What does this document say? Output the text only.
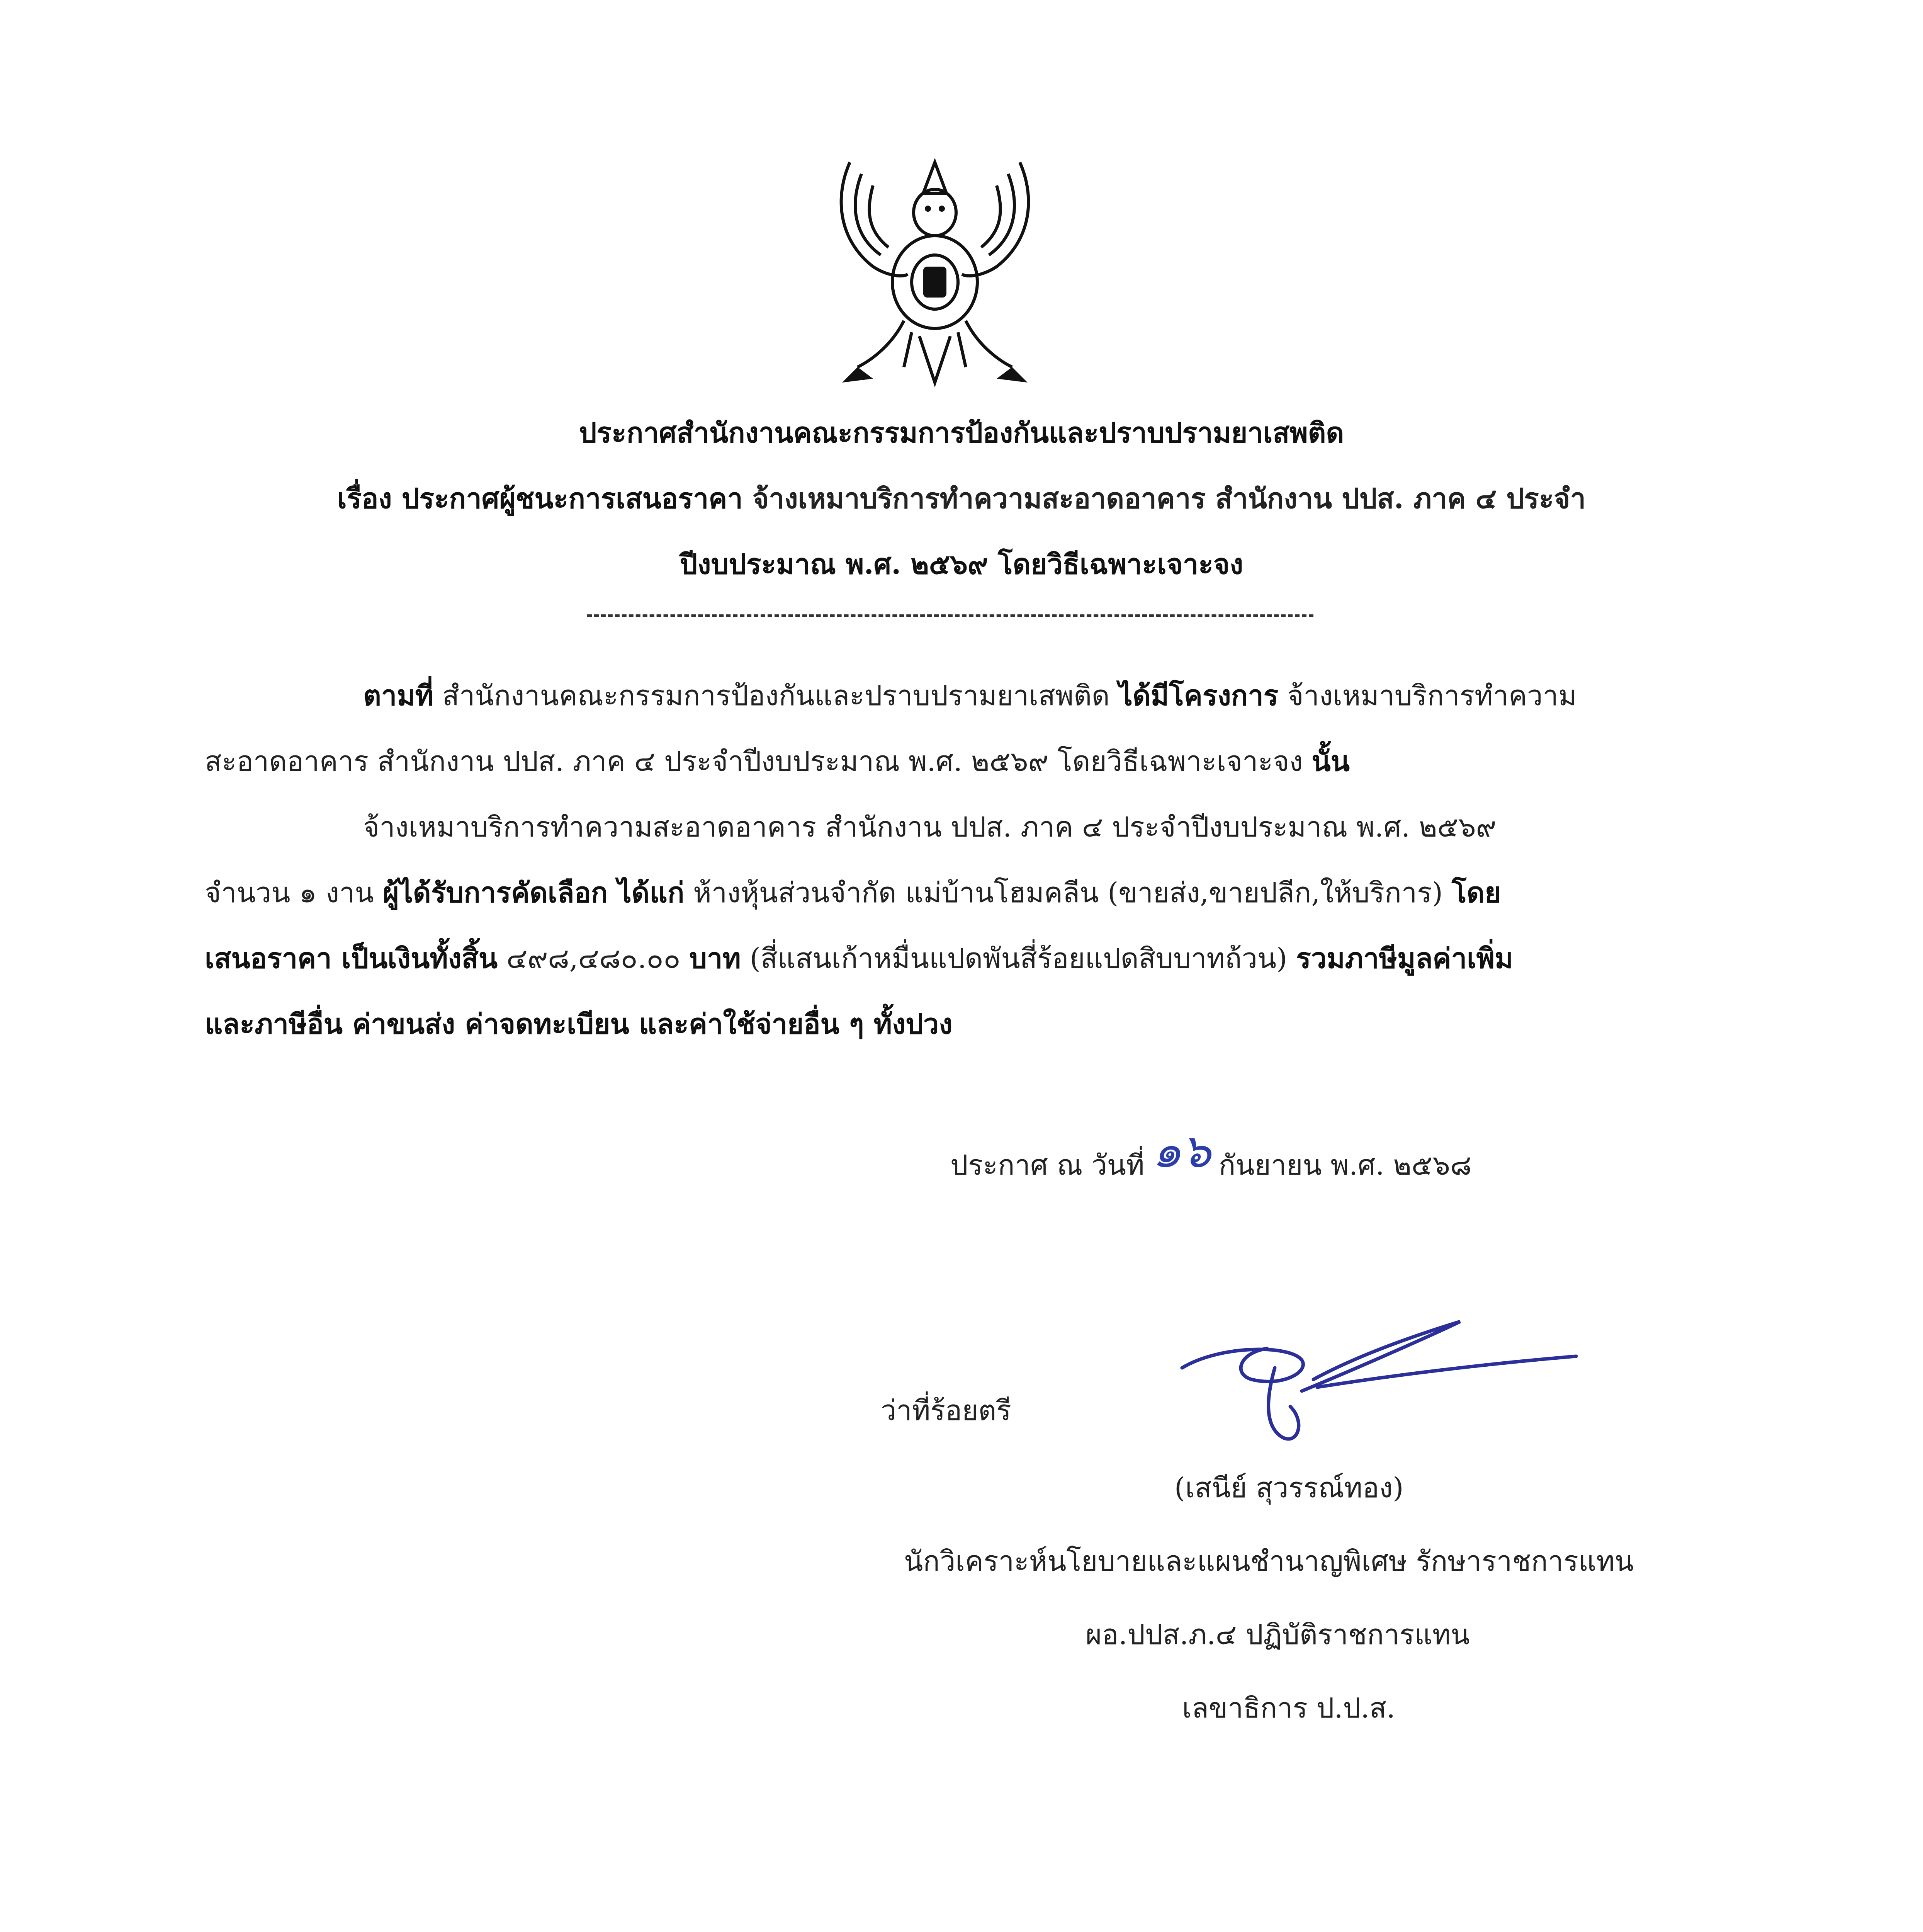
ประกาศสำนักงานคณะกรรมการป้องกันและปราบปรามยาเสพติด
เรื่อง ประกาศผู้ชนะการเสนอราคา จ้างเหมาบริการทำความสะอาดอาคาร สำนักงาน ปปส. ภาค ๔ ประจำ
ปีงบประมาณ พ.ศ. ๒๕๖๙ โดยวิธีเฉพาะเจาะจง
ตามที่ สำนักงานคณะกรรมการป้องกันและปราบปรามยาเสพติด ได้มีโครงการ จ้างเหมาบริการทำความ
สะอาดอาคาร สำนักงาน ปปส. ภาค ๔ ประจำปีงบประมาณ พ.ศ. ๒๕๖๙ โดยวิธีเฉพาะเจาะจง นั้น
จ้างเหมาบริการทำความสะอาดอาคาร สำนักงาน ปปส. ภาค ๔ ประจำปีงบประมาณ พ.ศ. ๒๕๖๙
จำนวน ๑ งาน ผู้ได้รับการคัดเลือก ได้แก่ ห้างหุ้นส่วนจำกัด แม่บ้านโฮมคลีน (ขายส่ง,ขายปลีก,ให้บริการ) โดย
เสนอราคา เป็นเงินทั้งสิ้น ๔๙๘,๔๘๐.๐๐ บาท (สี่แสนเก้าหมื่นแปดพันสี่ร้อยแปดสิบบาทถ้วน) รวมภาษีมูลค่าเพิ่ม
และภาษีอื่น ค่าขนส่ง ค่าจดทะเบียน และค่าใช้จ่ายอื่น ๆ ทั้งปวง
ประกาศ ณ วันที่ ๑๖ กันยายน พ.ศ. ๒๕๖๘
ว่าที่ร้อยตรี
(เสนีย์ สุวรรณ์ทอง)
นักวิเคราะห์นโยบายและแผนชำนาญพิเศษ รักษาราชการแทน
ผอ.ปปส.ภ.๔ ปฏิบัติราชการแทน
เลขาธิการ ป.ป.ส.
